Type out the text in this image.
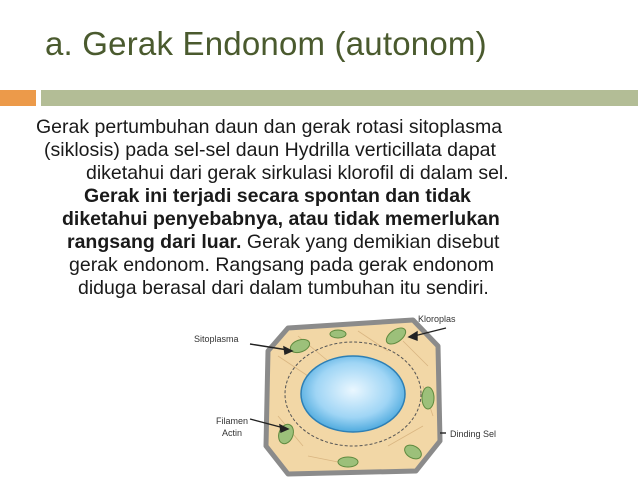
a. Gerak Endonom (autonom)
Gerak pertumbuhan daun dan gerak rotasi sitoplasma
(siklosis) pada sel-sel daun Hydrilla verticillata dapat
diketahui dari gerak sirkulasi klorofil di dalam sel.
Gerak ini terjadi secara spontan dan tidak
diketahui penyebabnya, atau tidak memerlukan
rangsang dari luar. Gerak yang demikian disebut
gerak endonom. Rangsang pada gerak endonom
diduga berasal dari dalam tumbuhan itu sendiri.
Sitoplasma
Kloroplas
Filamen
Actin	Dinding Sel
